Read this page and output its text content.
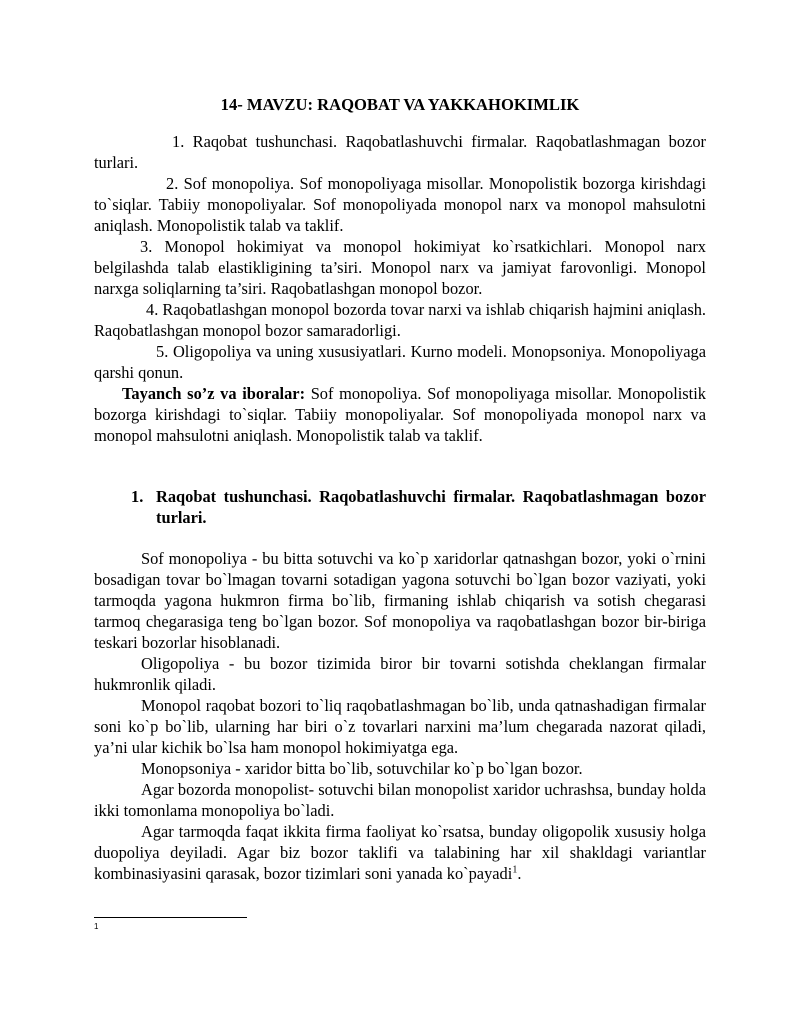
14- MAVZU: RAQOBAT VA YAKKAHOKIMLIK

1. Raqobat tushunchasi. Raqobatlashuvchi firmalar. Raqobatlashmagan bozor turlari.

2. Sof monopoliya. Sof monopoliyaga misollar. Monopolistik bozorga kirishdagi to`siqlar. Tabiiy monopoliyalar. Sof monopoliyada monopol narx va monopol mahsulotni aniqlash. Monopolistik talab va taklif.

3. Monopol hokimiyat va monopol hokimiyat ko`rsatkichlari. Monopol narx belgilashda talab elastikligining ta’siri. Monopol narx va jamiyat farovonligi. Monopol narxga soliqlarning ta’siri. Raqobatlashgan monopol bozor.

4. Raqobatlashgan monopol bozorda tovar narxi va ishlab chiqarish hajmini aniqlash. Raqobatlashgan monopol bozor samaradorligi.

5. Oligopoliya va uning xususiyatlari. Kurno modeli. Monopsoniya. Monopoliyaga qarshi qonun.

Tayanch so’z va iboralar: Sof monopoliya. Sof monopoliyaga misollar. Monopolistik bozorga kirishdagi to`siqlar. Tabiiy monopoliyalar. Sof monopoliyada monopol narx va monopol mahsulotni aniqlash. Monopolistik talab va taklif.

1. Raqobat tushunchasi. Raqobatlashuvchi firmalar. Raqobatlashmagan bozor turlari.

Sof monopoliya - bu bitta sotuvchi va ko`p xaridorlar qatnashgan bozor, yoki o`rnini bosadigan tovar bo`lmagan tovarni sotadigan yagona sotuvchi bo`lgan bozor vaziyati, yoki tarmoqda yagona hukmron firma bo`lib, firmaning ishlab chiqarish va sotish chegarasi tarmoq chegarasiga teng bo`lgan bozor. Sof monopoliya va raqobatlashgan bozor bir-biriga teskari bozorlar hisoblanadi.

Oligopoliya - bu bozor tizimida biror bir tovarni sotishda cheklangan firmalar hukmronlik qiladi.

Monopol raqobat bozori to`liq raqobatlashmagan bo`lib, unda qatnashadigan firmalar soni ko`p bo`lib, ularning har biri o`z tovarlari narxini ma’lum chegarada nazorat qiladi, ya’ni ular kichik bo`lsa ham monopol hokimiyatga ega.

Monopsoniya - xaridor bitta bo`lib, sotuvchilar ko`p bo`lgan bozor.

Agar bozorda monopolist- sotuvchi bilan monopolist xaridor uchrashsa, bunday holda ikki tomonlama monopoliya bo`ladi.

Agar tarmoqda faqat ikkita firma faoliyat ko`rsatsa, bunday oligopolik xususiy holga duopoliya deyiladi. Agar biz bozor taklifi va talabining har xil shakldagi variantlar kombinasiyasini qarasak, bozor tizimlari soni yanada ko`payadi$^1$.

1
